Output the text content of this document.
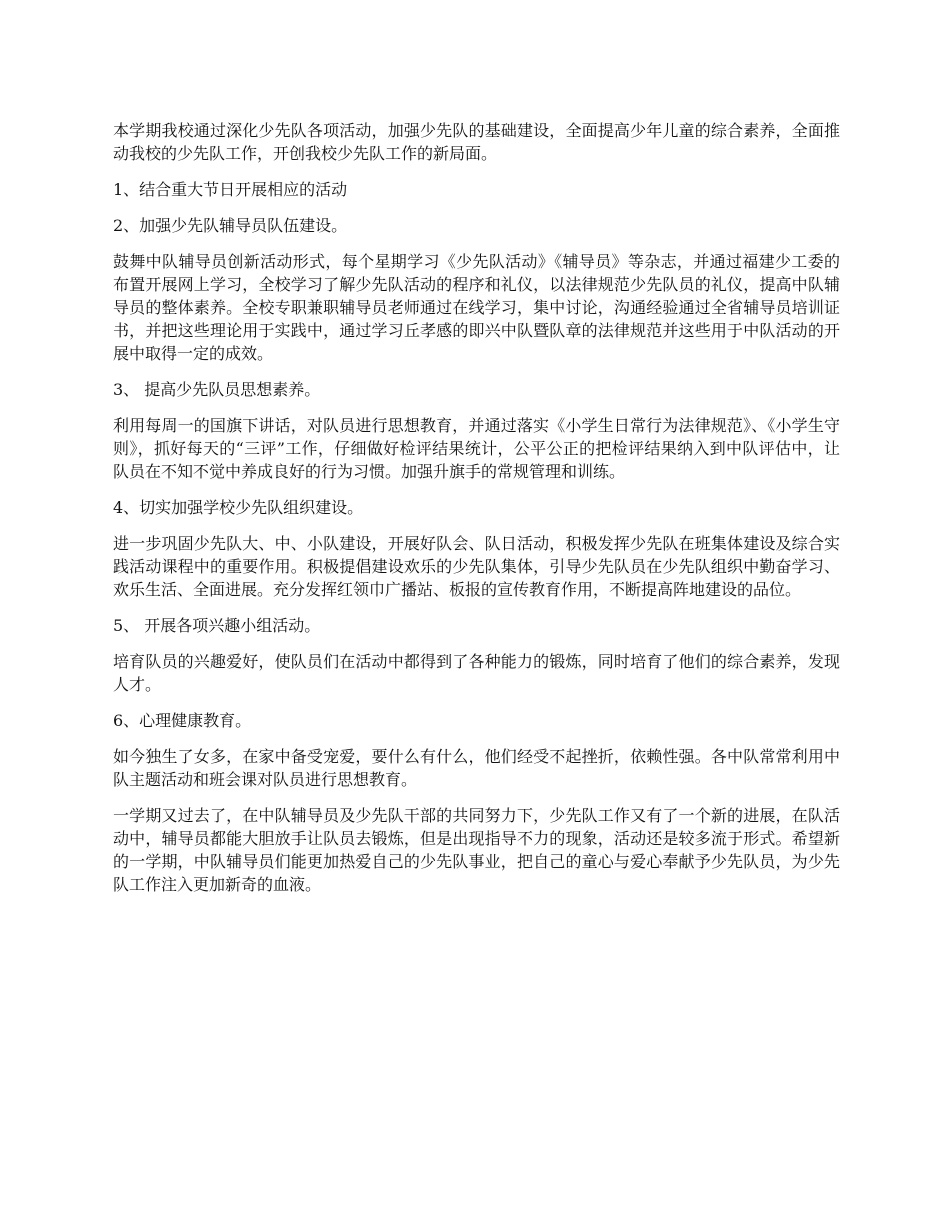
本学期我校通过深化少先队各项活动，加强少先队的基础建设，全面提高少年儿童的综合素养，全面推动我校的少先队工作，开创我校少先队工作的新局面。

1、结合重大节日开展相应的活动

2、加强少先队辅导员队伍建设。

鼓舞中队辅导员创新活动形式，每个星期学习《少先队活动》《辅导员》等杂志，并通过福建少工委的布置开展网上学习，全校学习了解少先队活动的程序和礼仪，以法律规范少先队员的礼仪，提高中队辅导员的整体素养。全校专职兼职辅导员老师通过在线学习，集中讨论，沟通经验通过全省辅导员培训证书，并把这些理论用于实践中，通过学习丘孝感的即兴中队暨队章的法律规范并这些用于中队活动的开展中取得一定的成效。

3、 提高少先队员思想素养。

利用每周一的国旗下讲话，对队员进行思想教育，并通过落实《小学生日常行为法律规范》、《小学生守则》，抓好每天的“三评”工作，仔细做好检评结果统计，公平公正的把检评结果纳入到中队评估中，让队员在不知不觉中养成良好的行为习惯。加强升旗手的常规管理和训练。

4、切实加强学校少先队组织建设。

进一步巩固少先队大、中、小队建设，开展好队会、队日活动，积极发挥少先队在班集体建设及综合实践活动课程中的重要作用。积极提倡建设欢乐的少先队集体，引导少先队员在少先队组织中勤奋学习、欢乐生活、全面进展。充分发挥红领巾广播站、板报的宣传教育作用，不断提高阵地建设的品位。

5、 开展各项兴趣小组活动。

培育队员的兴趣爱好，使队员们在活动中都得到了各种能力的锻炼，同时培育了他们的综合素养，发现人才。

6、心理健康教育。

如今独生了女多，在家中备受宠爱，要什么有什么，他们经受不起挫折，依赖性强。各中队常常利用中队主题活动和班会课对队员进行思想教育。

一学期又过去了，在中队辅导员及少先队干部的共同努力下，少先队工作又有了一个新的进展，在队活动中，辅导员都能大胆放手让队员去锻炼，但是出现指导不力的现象，活动还是较多流于形式。希望新的一学期，中队辅导员们能更加热爱自己的少先队事业，把自己的童心与爱心奉献予少先队员，为少先队工作注入更加新奇的血液。
